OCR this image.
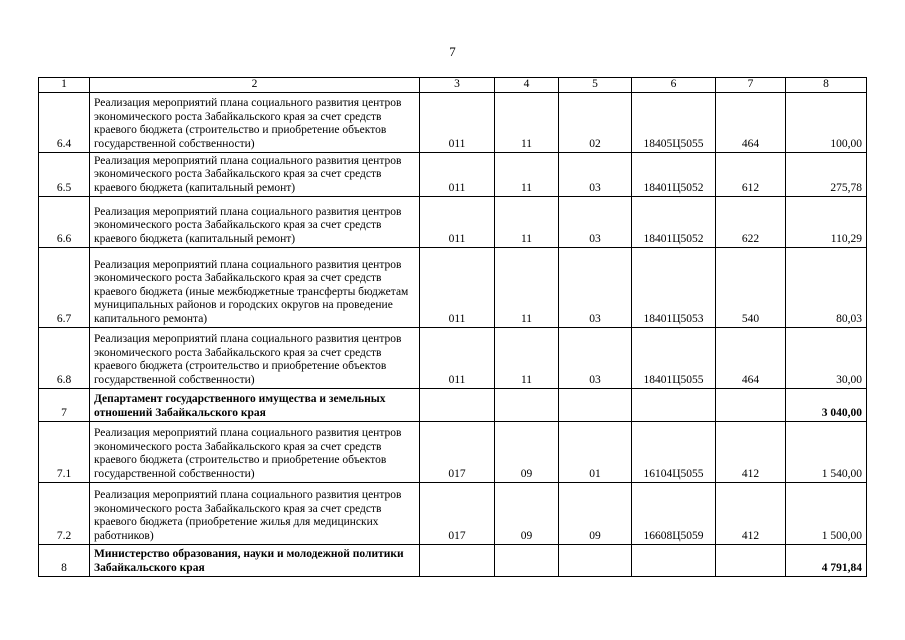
7
1	2	3	4	5	6	7	8
6.4	Реализация мероприятий плана социального развития центров экономического роста Забайкальского края за счет средств краевого бюджета (строительство и приобретение объектов государственной собственности)	011	11	02	18405Ц5055	464	100,00
6.5	Реализация мероприятий плана социального развития центров экономического роста Забайкальского края за счет средств краевого бюджета (капитальный ремонт)	011	11	03	18401Ц5052	612	275,78
6.6	Реализация мероприятий плана социального развития центров экономического роста Забайкальского края за счет средств краевого бюджета (капитальный ремонт)	011	11	03	18401Ц5052	622	110,29
6.7	Реализация мероприятий плана социального развития центров экономического роста Забайкальского края за счет средств краевого бюджета (иные межбюджетные трансферты бюджетам муниципальных районов и городских округов на проведение капитального ремонта)	011	11	03	18401Ц5053	540	80,03
6.8	Реализация мероприятий плана социального развития центров экономического роста Забайкальского края за счет средств краевого бюджета (строительство и приобретение объектов государственной собственности)	011	11	03	18401Ц5055	464	30,00
7	Департамент государственного имущества и земельных отношений Забайкальского края						3 040,00
7.1	Реализация мероприятий плана социального развития центров экономического роста Забайкальского края за счет средств краевого бюджета (строительство и приобретение объектов государственной собственности)	017	09	01	16104Ц5055	412	1 540,00
7.2	Реализация мероприятий плана социального развития центров экономического роста Забайкальского края за счет средств краевого бюджета (приобретение жилья для медицинских работников)	017	09	09	16608Ц5059	412	1 500,00
8	Министерство образования, науки и молодежной политики Забайкальского края						4 791,84
